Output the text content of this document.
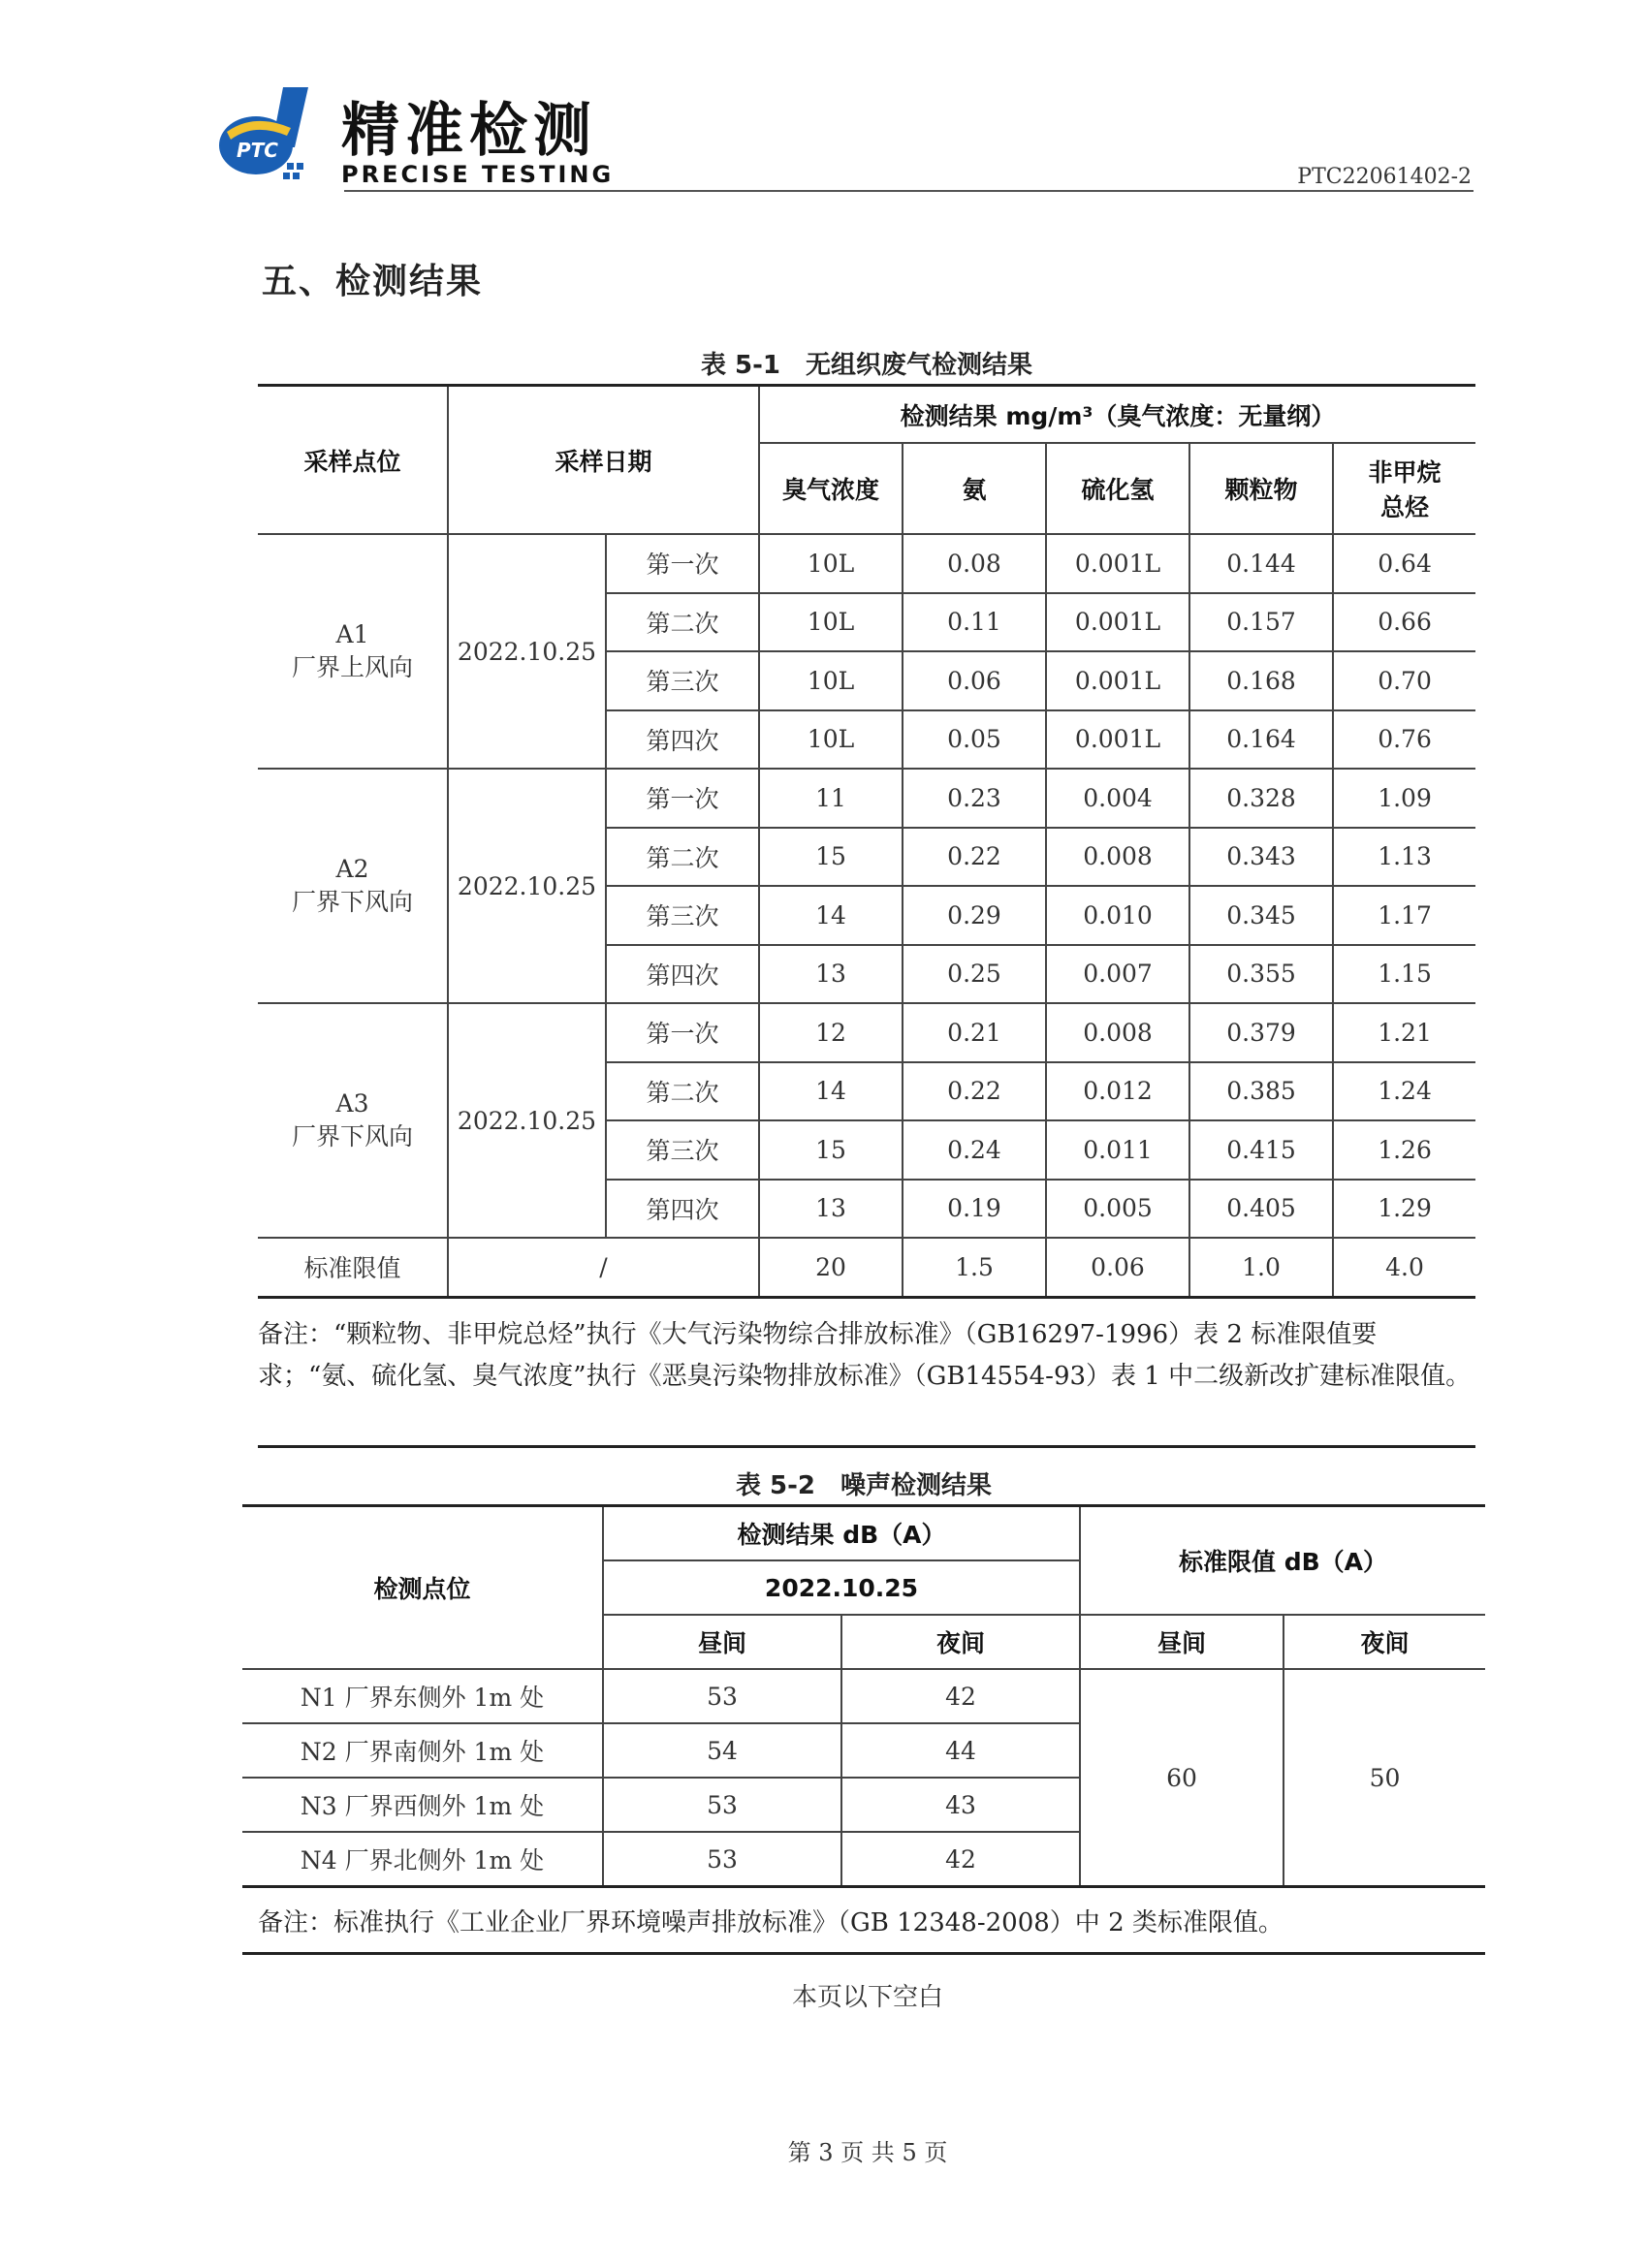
PTC 精准检测
PRECISE TESTING	PTC22061402-2
五、检测结果
表 5-1　无组织废气检测结果
采样点位	采样日期		检测结果 mg/m³（臭气浓度：无量纲）				
			臭气浓度	氨	硫化氢	颗粒物	非甲烷总烃
A1
厂界上风向	2022.10.25	第一次	10L	0.08	0.001L	0.144	0.64
		第二次	10L	0.11	0.001L	0.157	0.66
		第三次	10L	0.06	0.001L	0.168	0.70
		第四次	10L	0.05	0.001L	0.164	0.76
A2
厂界下风向	2022.10.25	第一次	11	0.23	0.004	0.328	1.09
		第二次	15	0.22	0.008	0.343	1.13
		第三次	14	0.29	0.010	0.345	1.17
		第四次	13	0.25	0.007	0.355	1.15
A3
厂界下风向	2022.10.25	第一次	12	0.21	0.008	0.379	1.21
		第二次	14	0.22	0.012	0.385	1.24
		第三次	15	0.24	0.011	0.415	1.26
		第四次	13	0.19	0.005	0.405	1.29
标准限值	/		20	1.5	0.06	1.0	4.0
备注：“颗粒物、非甲烷总烃”执行《大气污染物综合排放标准》（GB16297-1996）表 2 标准限值要求；“氨、硫化氢、臭气浓度”执行《恶臭污染物排放标准》（GB14554-93）表 1 中二级新改扩建标准限值。
表 5-2　噪声检测结果
检测点位	检测结果 dB（A）		标准限值 dB（A）	
	2022.10.25			
	昼间	夜间	昼间	夜间
N1 厂界东侧外 1m 处	53	42	60	50
N2 厂界南侧外 1m 处	54	44		
N3 厂界西侧外 1m 处	53	43		
N4 厂界北侧外 1m 处	53	42		
备注：标准执行《工业企业厂界环境噪声排放标准》（GB 12348-2008）中 2 类标准限值。
本页以下空白
第 3 页 共 5 页
